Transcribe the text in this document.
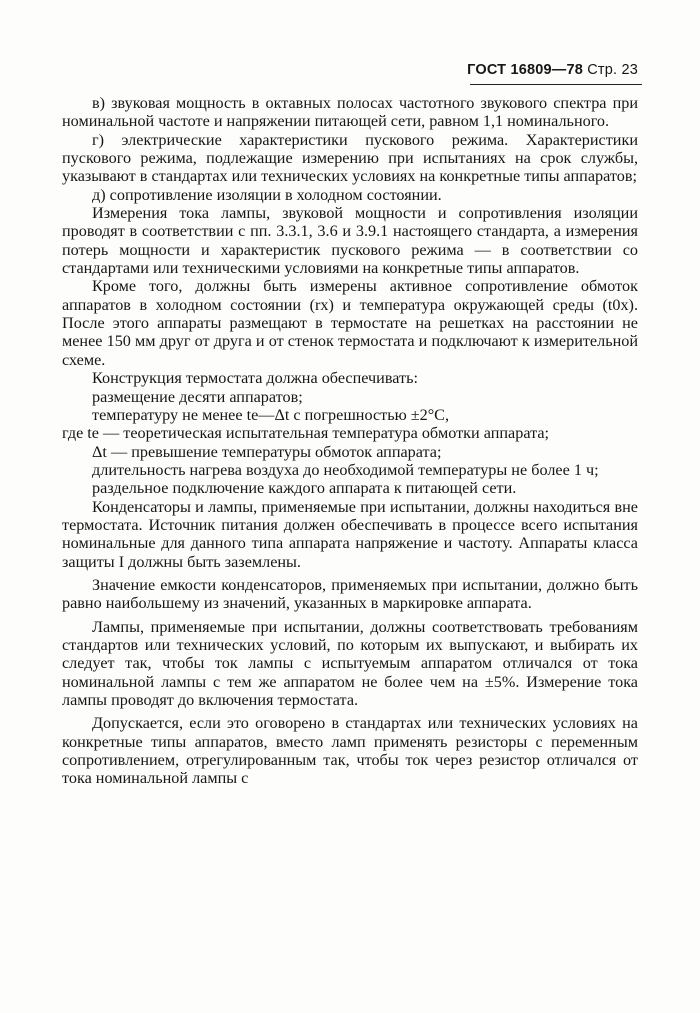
ГОСТ 16809—78 Стр. 23

в) звуковая мощность в октавных полосах частотного звукового спектра при номинальной частоте и напряжении питающей сети, равном 1,1 номинального.

г) электрические характеристики пускового режима. Характеристики пускового режима, подлежащие измерению при испытаниях на срок службы, указывают в стандартах или технических условиях на конкретные типы аппаратов;

д) сопротивление изоляции в холодном состоянии.

Измерения тока лампы, звуковой мощности и сопротивления изоляции проводят в соответствии с пп. 3.3.1, 3.6 и 3.9.1 настоящего стандарта, а измерения потерь мощности и характеристик пускового режима — в соответствии со стандартами или техническими условиями на конкретные типы аппаратов.

Кроме того, должны быть измерены активное сопротивление обмоток аппаратов в холодном состоянии (rх) и температура окружающей среды (t0х). После этого аппараты размещают в термостате на решетках на расстоянии не менее 150 мм друг от друга и от стенок термостата и подключают к измерительной схеме.

Конструкция термостата должна обеспечивать:

размещение десяти аппаратов;

температуру не менее tе—Δt с погрешностью ±2°С,

где tе — теоретическая испытательная температура обмотки аппарата;

Δt — превышение температуры обмоток аппарата;

длительность нагрева воздуха до необходимой температуры не более 1 ч;

раздельное подключение каждого аппарата к питающей сети.

Конденсаторы и лампы, применяемые при испытании, должны находиться вне термостата. Источник питания должен обеспечивать в процессе всего испытания номинальные для данного типа аппарата напряжение и частоту. Аппараты класса защиты I должны быть заземлены.

Значение емкости конденсаторов, применяемых при испытании, должно быть равно наибольшему из значений, указанных в маркировке аппарата.

Лампы, применяемые при испытании, должны соответствовать требованиям стандартов или технических условий, по которым их выпускают, и выбирать их следует так, чтобы ток лампы с испытуемым аппаратом отличался от тока номинальной лампы с тем же аппаратом не более чем на ±5%. Измерение тока лампы проводят до включения термостата.

Допускается, если это оговорено в стандартах или технических условиях на конкретные типы аппаратов, вместо ламп применять резисторы с переменным сопротивлением, отрегулированным так, чтобы ток через резистор отличался от тока номинальной лампы с
